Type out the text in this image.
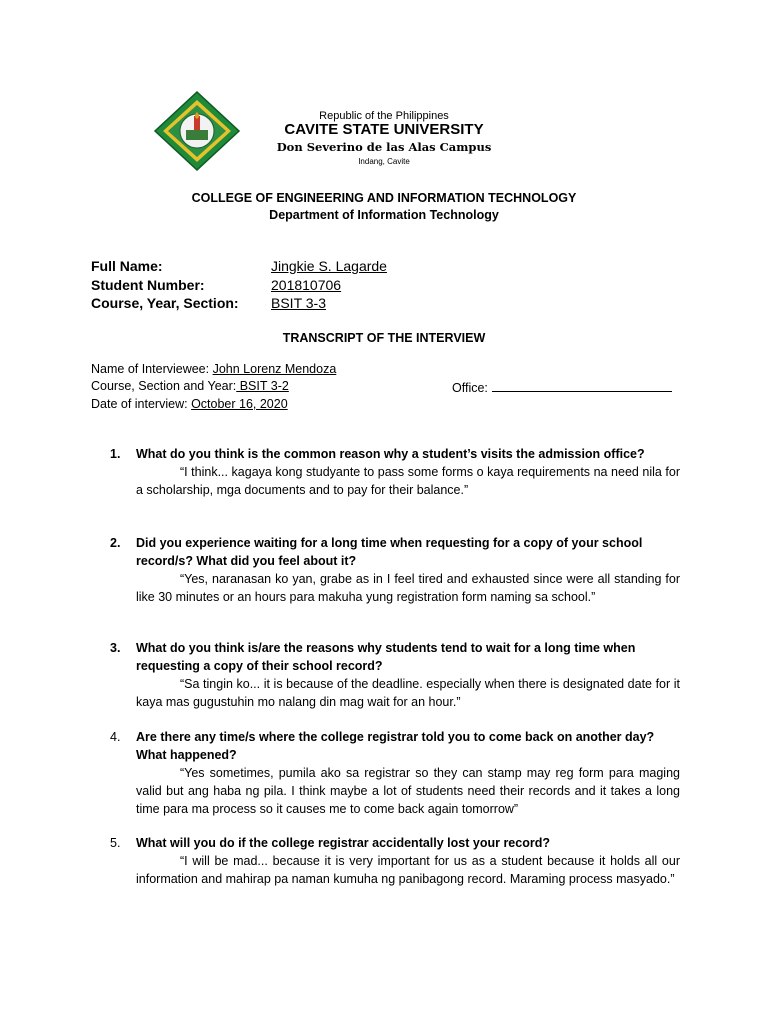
Republic of the Philippines
CAVITE STATE UNIVERSITY
Don Severino de las Alas Campus
Indang, Cavite
COLLEGE OF ENGINEERING AND INFORMATION TECHNOLOGY
Department of Information Technology
Full Name:	Jingkie S. Lagarde
Student Number:	201810706
Course, Year, Section: BSIT 3-3
TRANSCRIPT OF THE INTERVIEW
Name of Interviewee: John Lorenz Mendoza
Course, Section and Year: BSIT 3-2
Date of interview: October 16, 2020
Office:
1. What do you think is the common reason why a student’s visits the admission office?
“I think... kagaya kong studyante to pass some forms o kaya requirements na need nila for a scholarship, mga documents and to pay for their balance.”
2. Did you experience waiting for a long time when requesting for a copy of your school record/s? What did you feel about it?
“Yes, naranasan ko yan, grabe as in I feel tired and exhausted since were all standing for like 30 minutes or an hours para makuha yung registration form naming sa school.”
3. What do you think is/are the reasons why students tend to wait for a long time when requesting a copy of their school record?
“Sa tingin ko... it is because of the deadline. especially when there is designated date for it kaya mas gugustuhin mo nalang din mag wait for an hour.”
4. Are there any time/s where the college registrar told you to come back on another day? What happened?
“Yes sometimes, pumila ako sa registrar so they can stamp may reg form para maging valid but ang haba ng pila. I think maybe a lot of students need their records and it takes a long time para ma process so it causes me to come back again tomorrow”
5. What will you do if the college registrar accidentally lost your record?
“I will be mad... because it is very important for us as a student because it holds all our information and mahirap pa naman kumuha ng panibagong record. Maraming process masyado.”
